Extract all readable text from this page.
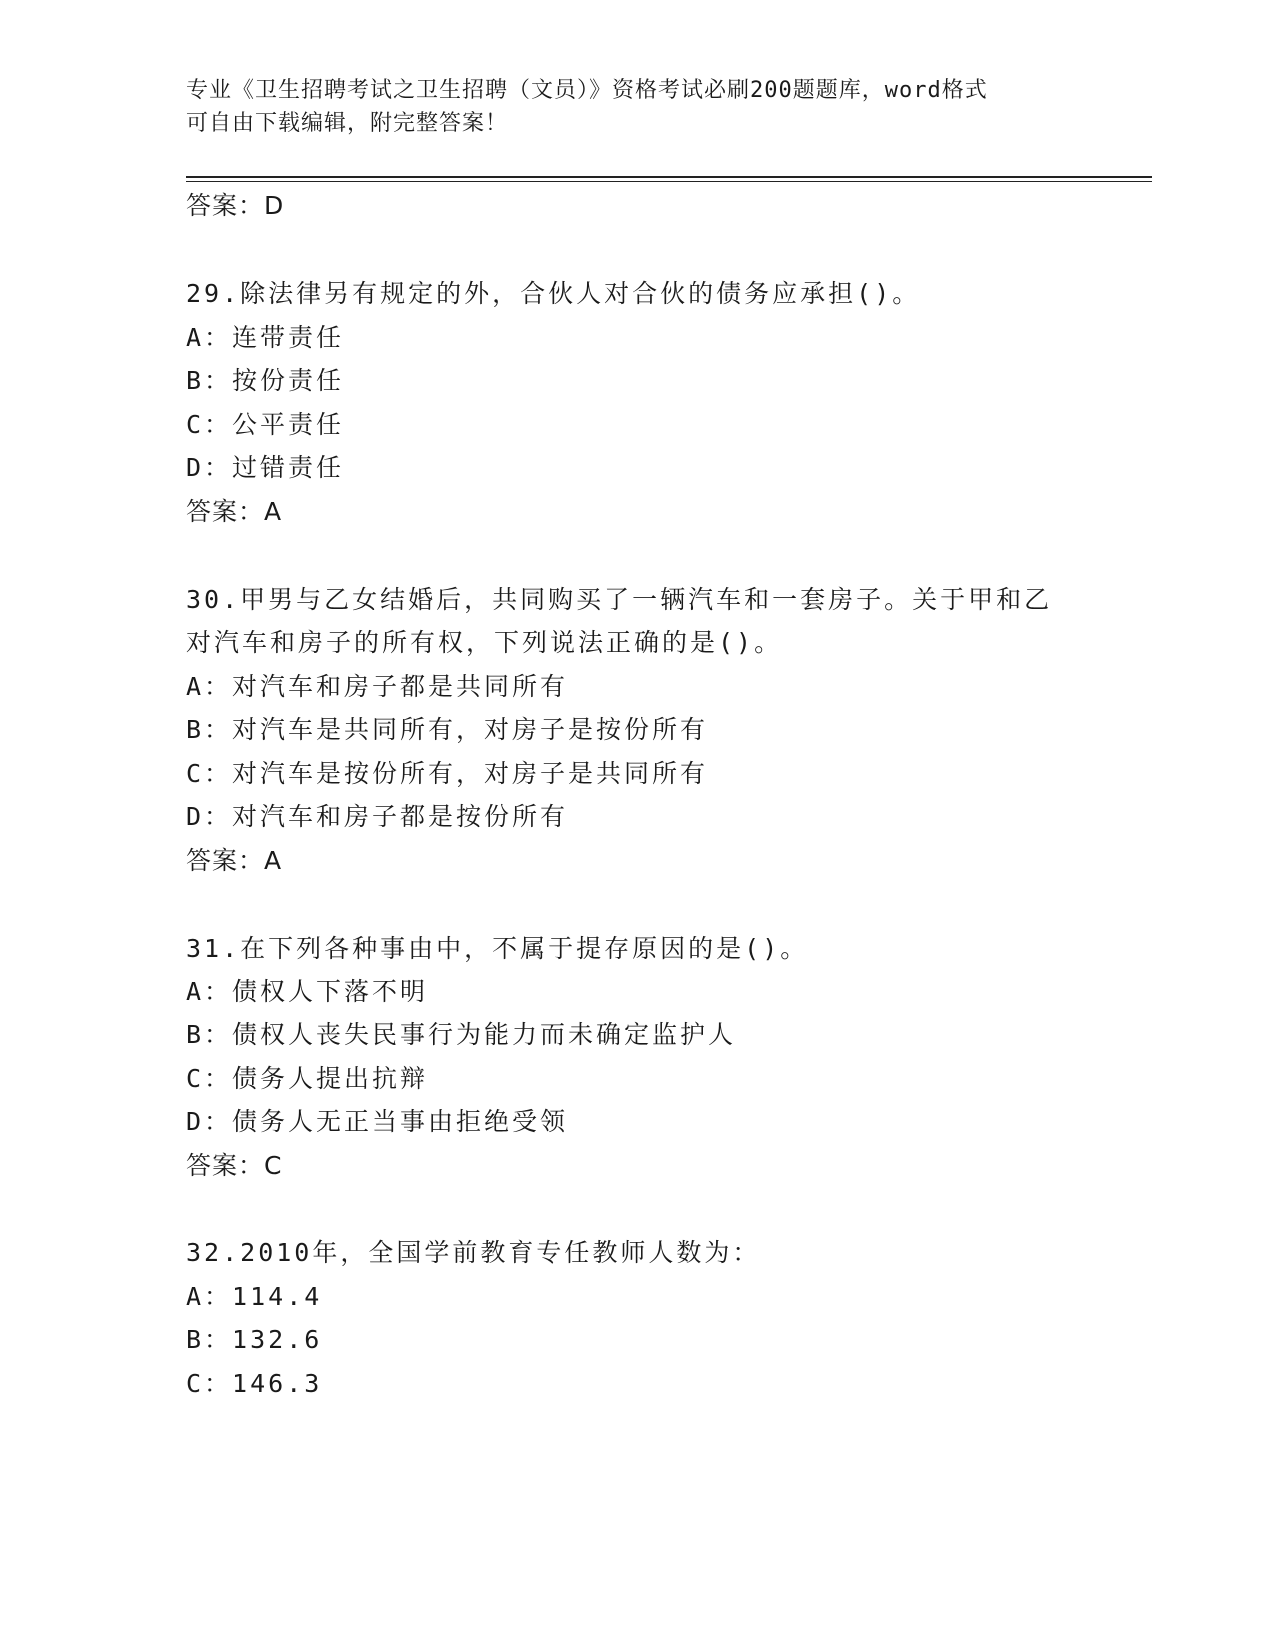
专业《卫生招聘考试之卫生招聘（文员）》资格考试必刷200题题库，word格式
可自由下载编辑，附完整答案！
答案：D
29.除法律另有规定的外，合伙人对合伙的债务应承担()。
A：连带责任
B：按份责任
C：公平责任
D：过错责任
答案：A
30.甲男与乙女结婚后，共同购买了一辆汽车和一套房子。关于甲和乙
对汽车和房子的所有权，下列说法正确的是()。
A：对汽车和房子都是共同所有
B：对汽车是共同所有，对房子是按份所有
C：对汽车是按份所有，对房子是共同所有
D：对汽车和房子都是按份所有
答案：A
31.在下列各种事由中，不属于提存原因的是()。
A：债权人下落不明
B：债权人丧失民事行为能力而未确定监护人
C：债务人提出抗辩
D：债务人无正当事由拒绝受领
答案：C
32.2010年，全国学前教育专任教师人数为：
A：114.4
B：132.6
C：146.3
